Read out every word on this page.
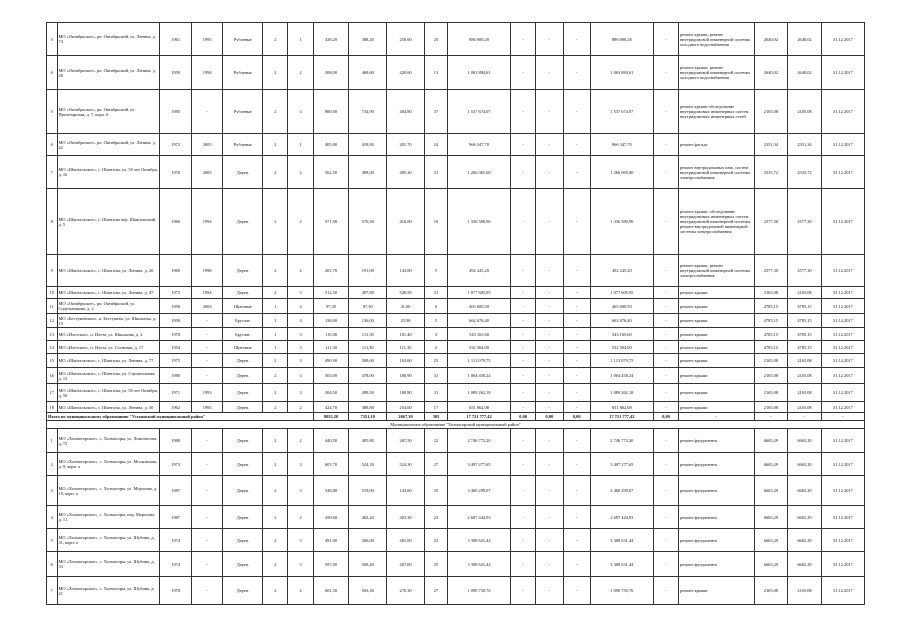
5	МО «Октябрьское», рп. Октябрьский, ул. Ленина, д. 74	1961	1995	Рубленые	2	1	438,20	388,20	250,60	25	886 000,28	-	-	-	886 000,28	-	ремонт крыши, ремонт внутридомовой инженерной системы холодного водоснабжения	2640,02	2640,02	31.12.2017
6	МО «Октябрьское», рп. Октябрьский, ул. Ленина, д. 28	1959	1994	Рубленые	2	2	508,00	468,60	420,60	13	1 063 884,61	-	-	-	1 063 884,61	-	ремонт крыши, ремонт внутридомовой инженерной системы холодного водоснабжения	2640,02	2640,02	31.12.2017
5	МО «Октябрьское», рп. Октябрьский, ул. Пролетарская, д. 7, корп. 6	1985	-	Рубленые	2	3	800,00	734,90	404,80	37	1 537 674,07	-	-	-	1 537 674,07	-	ремонт крыши обследование внутридомовых инженерных систем внутридомовых инженерных сетей	2105,08	2105,08	31.12.2017
6	МО «Октябрьское», рп. Октябрьский, ул. Ленина, д. 42	1972	2005	Рубленые	2	1	405,80	418,80	201,70	24	966 347,70	-	-	-	966 347,70	-	ремонт фасада	2351,34	2351,34	31.12.2017
7	МО «Шангальское», с. Шангалы, ул. 50 лет Октября, д. 16	1976	2005	Дерев.	2	2	562,50	498,00	485,20	21	1 266 065,00	-	-	-	1 266 065,00	-	ремонт внутридомовых инж. систем внутридомовой инженерной системы электроснабжения	2535,72	2535,72	31.12.2017
8	МО «Шангальское», с. Шангалы пер. Шангальский, д. 5	1966	1994	Дерев.	2	2	571,90	576,30	416,00	16	1 336 580,96	-	-	-	1 336 580,96	-	ремонт крыши, обследование внутридомовых инженерных систем внутридомовой инженерной системы, ремонт внутридомовой инженерной системы электроснабжения	2577,30	2577,30	31.12.2017
9	МО «Шангальское», с. Шангалы, ул. Ленина, д. 20	1969	1998	Дерев.	2	2	201,70	191,00	143,00	5	492 245,20	-	-	-	492 245,20	-	ремонт крыши, ремонт внутридомовой инженерной системы электроснабжения	2577,30	2577,30	31.12.2017
10	МО «Шангальское», с. Шангалы, ул. Ленина, д. 47	1975	1994	Дерев.	2	3	512,50	497,80	528,50	21	1 077 605,95	-	-	-	1 077 605,95	-	ремонт крыши	2165,08	2165,08	31.12.2017
11	МО «Октябрьское», рп. Октябрьский, ул. Сидельникова, д. 2	1950	2003	Щитовые	1	4	97,30	97,30	41,00	6	465 600,50	-	-	-	465 600,50	-	ремонт крыши	4785,15	4785,15	31.12.2017
12	МО «Бестужевское», п. Бестужево, ул. Школьная, д. 15	1958	-	Брусчат.	1	4	136,00	136,00	25,90	5	662 676,40	-	-	-	662 676,40	-	ремонт крыши	4785,15	4785,15	31.12.2017
13	МО «Илезское», п. Илеза, ул. Школьная, д. 2	1978	-	Брусчат.	1	3	115,00	113,50	101,40	3	543 165,60	-	-	-	543 165,60	-	ремонт крыши	4785,15	4785,15	31.12.2017
14	МО «Илезское», п. Илеза, ул. Сосновая, д. 17	1954	-	Щитовые	1	3	111,30	111,30	111,30	2	532 564,00	-	-	-	532 564,00	-	ремонт крыши	4785,15	4785,15	31.12.2017
15	МО «Шангальское», с. Шангалы, ул. Ленина, д. 77	1975	-	Дерев.	2	3	490,90	508,60	163,60	25	1 113 079,75	-	-	-	1 113 079,75	-	ремонт крыши	2165,08	2165,08	31.12.2017
16	МО «Шангальское», с. Шангалы, ул. Строительная, д. 12	1980	-	Дерев.	2	3	503,00	478,00	180,90	31	1 064 458,24	-	-	-	1 064 458,24	-	ремонт крыши	2165,08	2165,08	31.12.2017
17	МО «Шангальское», с. Шангалы, ул. 50 лет Октября, д. 50	1971	1993	Дерев.	2	3	504,50	498,50	180,80	31	1 089 262,18	-	-	-	1 089 262,18	-	ремонт крыши	2165,08	2165,08	31.12.2017
18	МО «Шангальское», с. Шангалы, ул. Ленина, д. 30	1962	1993	Дерев.	2	2	424,70	388,80	254,00	17	651 862,08	-	-	-	651 862,08	-	ремонт крыши	2165,08	2165,08	31.12.2017
Итого по муниципальному образованию "Устьянский муниципальный район"							8055,20	7351,10	2667,30	305	17 721 777,42	0,00	0,00	0,00	17 721 777,42	0,00	-	-	-	-
Муниципальное образование "Холмогорский муниципальный район"																				
1	МО «Холмогорское», с. Холмогоры, ул. Ломоносова, д. 72	1980	-	Дерев.	2	2	440,50	405,80	267,50	22	2 746 772,20	-	-	-	2 746 772,20	-	ремонт фундамента	6665,29	6665,29	31.12.2017
2	МО «Холмогорское», с. Холмогоры, ул. Московская, д. 9, корп. а	1973	-	Дерев.	2	3	603,70	524,30	524,30	27	3 497 277,65	-	-	-	3 497 277,65	-	ремонт фундамента	6665,29	6665,29	31.12.2017
3	МО «Холмогорское», с. Холмогоры, ул. Морозова, д. 10, корп. а	1987	-	Дерев.	2	3	548,80	519,00	143,60	25	3 460 299,07	-	-	-	3 460 299,07	-	ремонт фундамента	6665,29	6665,29	31.12.2017
4	МО «Холмогорское», с. Холмогоры, пер. Морозова, д. 11	1987	-	Дерев.	2	2	450,60	402,20	403,30	23	2 687 444,93	-	-	-	2 687 444,93	-	ремонт фундамента	6665,29	6665,29	31.12.2017
5	МО «Холмогорское», с. Холмогоры, ул. Шубина, д. 31, корп. а	1974	-	Дерев.	2	3	491,00	506,00	481,00	23	3 388 631,44	-	-	-	3 388 631,44	-	ремонт фундамента	6665,29	6665,29	31.12.2017
6	МО «Холмогорское», с. Холмогоры, ул. Шубина, д. 33	1974	-	Дерев.	2	3	597,00	508,40	407,00	25	3 388 631,44	-	-	-	3 388 631,44	-	ремонт фундамента	6665,29	6665,29	31.12.2017
7	МО «Холмогорское», с. Холмогоры, ул. Шубина, д. 21	1978	-	Дерев.	2	2	601,50	503,30	276,30	27	1 090 750,76	-	-	-	1 090 750,76	-	ремонт крыши	2165,08	2165,08	31.12.2017
